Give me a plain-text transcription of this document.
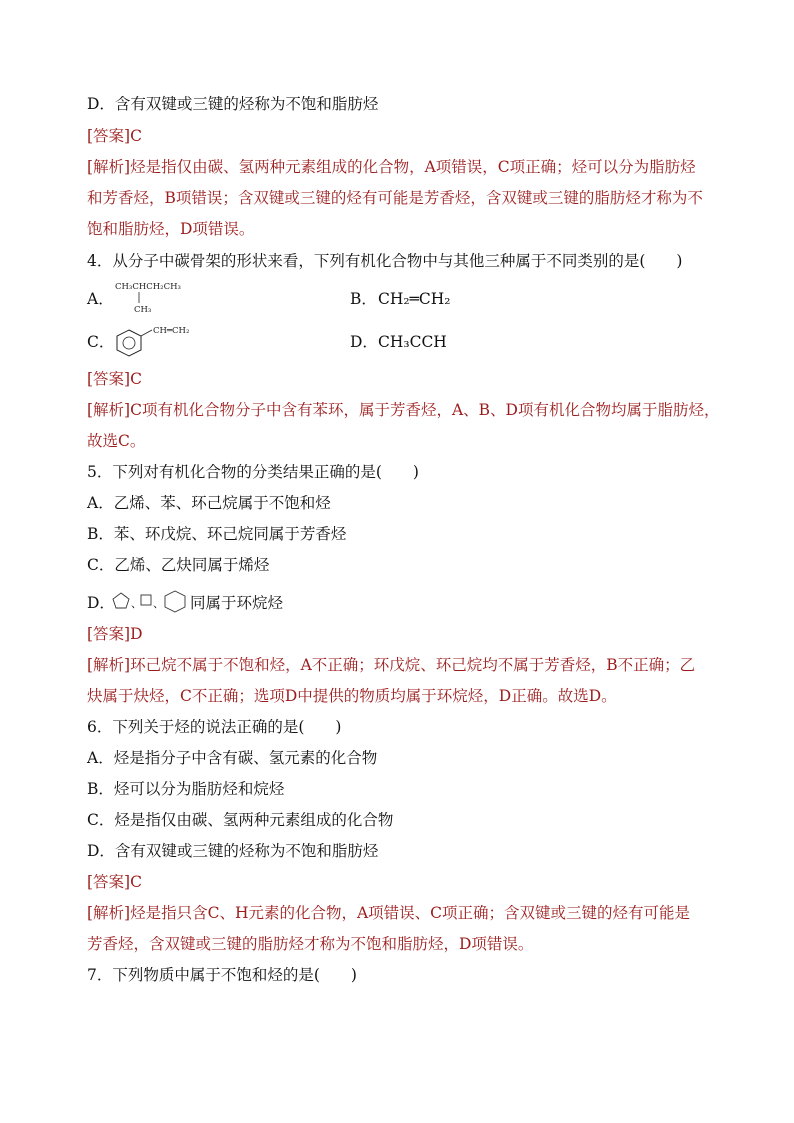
D．含有双键或三键的烃称为不饱和脂肪烃
[答案]C
[解析]烃是指仅由碳、氢两种元素组成的化合物，A项错误，C项正确；烃可以分为脂肪烃
和芳香烃，B项错误；含双键或三键的烃有可能是芳香烃，含双键或三键的脂肪烃才称为不
饱和脂肪烃，D项错误。
4．从分子中碳骨架的形状来看，下列有机化合物中与其他三种属于不同类别的是(　　)
A．
CH₃CHCH₂CH₃
CH₃
B． CH₂═CH₂
C．
CH═CH₂
D． CH₃CCH
[答案]C
[解析]C项有机化合物分子中含有苯环，属于芳香烃，A、B、D项有机化合物均属于脂肪烃，
故选C。
5．下列对有机化合物的分类结果正确的是(　　)
A．乙烯、苯、环己烷属于不饱和烃
B．苯、环戊烷、环己烷同属于芳香烃
C．乙烯、乙炔同属于烯烃
D． 、 、 同属于环烷烃
[答案]D
[解析]环己烷不属于不饱和烃，A不正确；环戊烷、环己烷均不属于芳香烃，B不正确；乙
炔属于炔烃，C不正确；选项D中提供的物质均属于环烷烃，D正确。故选D。
6．下列关于烃的说法正确的是(　　)
A．烃是指分子中含有碳、氢元素的化合物
B．烃可以分为脂肪烃和烷烃
C．烃是指仅由碳、氢两种元素组成的化合物
D．含有双键或三键的烃称为不饱和脂肪烃
[答案]C
[解析]烃是指只含C、H元素的化合物，A项错误、C项正确；含双键或三键的烃有可能是
芳香烃，含双键或三键的脂肪烃才称为不饱和脂肪烃，D项错误。
7．下列物质中属于不饱和烃的是(　　)
